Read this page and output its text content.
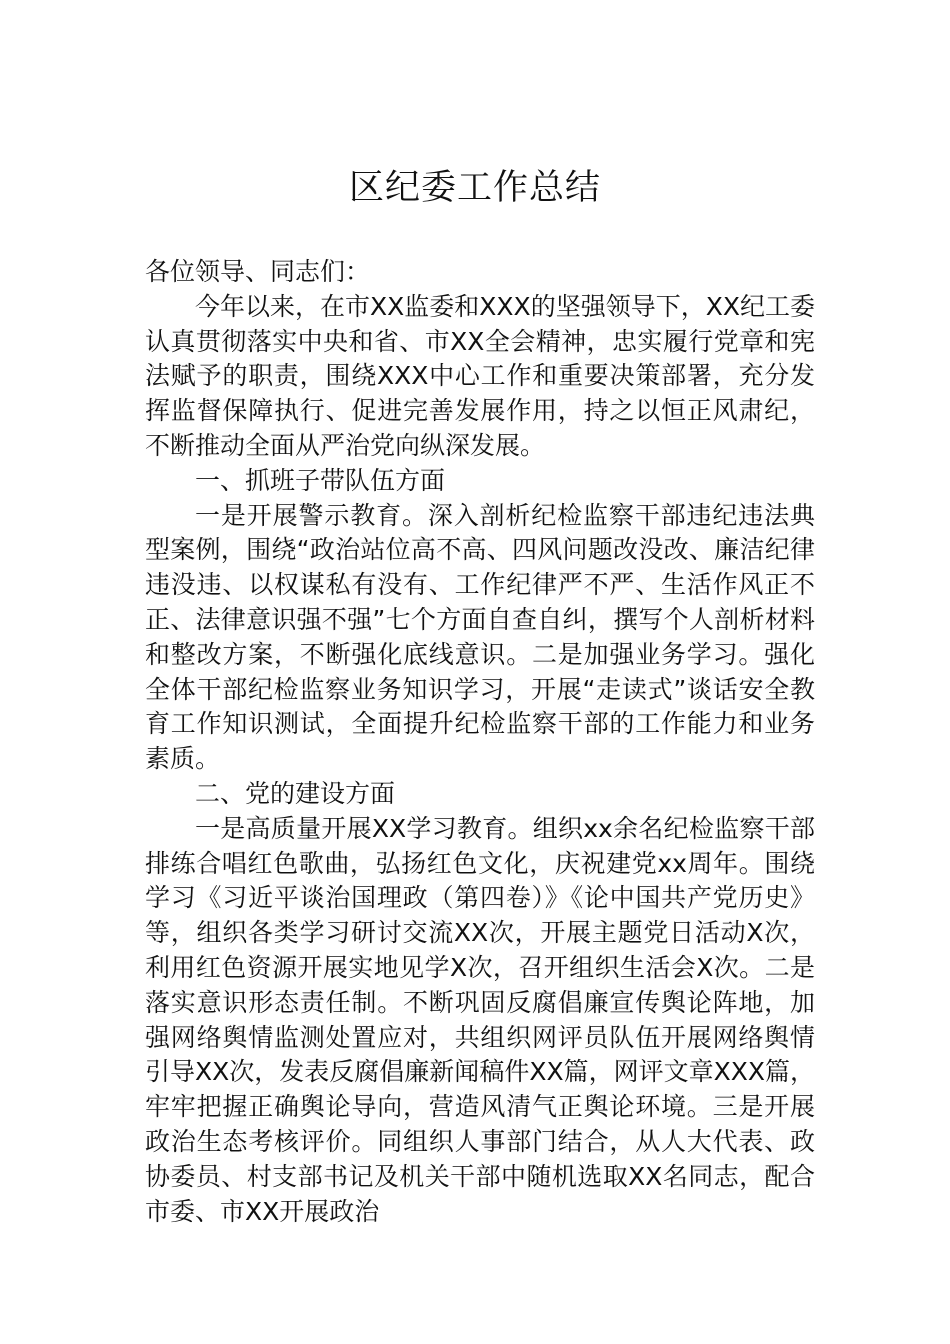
区纪委工作总结

各位领导、同志们：

今年以来，在市XX监委和XXX的坚强领导下，XX纪工委认真贯彻落实中央和省、市XX全会精神，忠实履行党章和宪法赋予的职责，围绕XXX中心工作和重要决策部署，充分发挥监督保障执行、促进完善发展作用，持之以恒正风肃纪，不断推动全面从严治党向纵深发展。

一、抓班子带队伍方面

一是开展警示教育。深入剖析纪检监察干部违纪违法典型案例，围绕“政治站位高不高、四风问题改没改、廉洁纪律违没违、以权谋私有没有、工作纪律严不严、生活作风正不正、法律意识强不强”七个方面自查自纠，撰写个人剖析材料和整改方案，不断强化底线意识。二是加强业务学习。强化全体干部纪检监察业务知识学习，开展“走读式”谈话安全教育工作知识测试，全面提升纪检监察干部的工作能力和业务素质。

二、党的建设方面

一是高质量开展XX学习教育。组织xx余名纪检监察干部排练合唱红色歌曲，弘扬红色文化，庆祝建党xx周年。围绕学习《习近平谈治国理政（第四卷）》《论中国共产党历史》等，组织各类学习研讨交流XX次，开展主题党日活动X次，利用红色资源开展实地见学X次，召开组织生活会X次。二是落实意识形态责任制。不断巩固反腐倡廉宣传舆论阵地，加强网络舆情监测处置应对，共组织网评员队伍开展网络舆情引导XX次，发表反腐倡廉新闻稿件XX篇，网评文章XXX篇，牢牢把握正确舆论导向，营造风清气正舆论环境。三是开展政治生态考核评价。同组织人事部门结合，从人大代表、政协委员、村支部书记及机关干部中随机选取XX名同志，配合市委、市XX开展政治
